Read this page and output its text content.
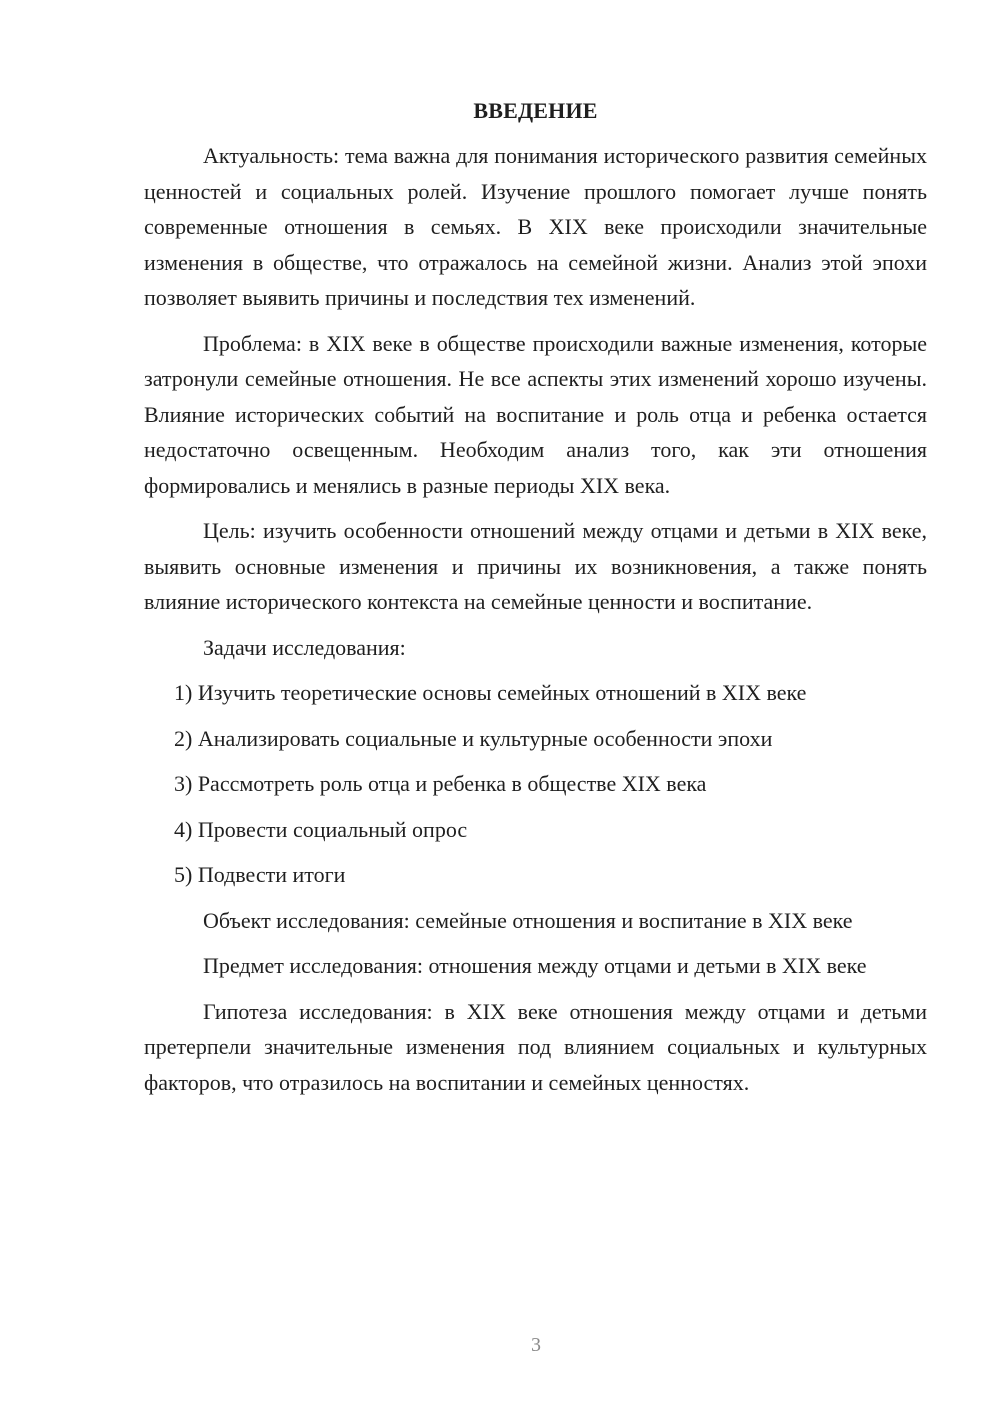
ВВЕДЕНИЕ

Актуальность: тема важна для понимания исторического развития семейных ценностей и социальных ролей. Изучение прошлого помогает лучше понять современные отношения в семьях. В XIX веке происходили значительные изменения в обществе, что отражалось на семейной жизни. Анализ этой эпохи позволяет выявить причины и последствия тех изменений.

Проблема: в XIX веке в обществе происходили важные изменения, которые затронули семейные отношения. Не все аспекты этих изменений хорошо изучены. Влияние исторических событий на воспитание и роль отца и ребенка остается недостаточно освещенным. Необходим анализ того, как эти отношения формировались и менялись в разные периоды XIX века.

Цель: изучить особенности отношений между отцами и детьми в XIX веке, выявить основные изменения и причины их возникновения, а также понять влияние исторического контекста на семейные ценности и воспитание.

Задачи исследования:

1) Изучить теоретические основы семейных отношений в XIX веке

2) Анализировать социальные и культурные особенности эпохи

3) Рассмотреть роль отца и ребенка в обществе XIX века

4) Провести социальный опрос

5) Подвести итоги

Объект исследования: семейные отношения и воспитание в XIX веке

Предмет исследования: отношения между отцами и детьми в XIX веке

Гипотеза исследования: в XIX веке отношения между отцами и детьми претерпели значительные изменения под влиянием социальных и культурных факторов, что отразилось на воспитании и семейных ценностях.

3
